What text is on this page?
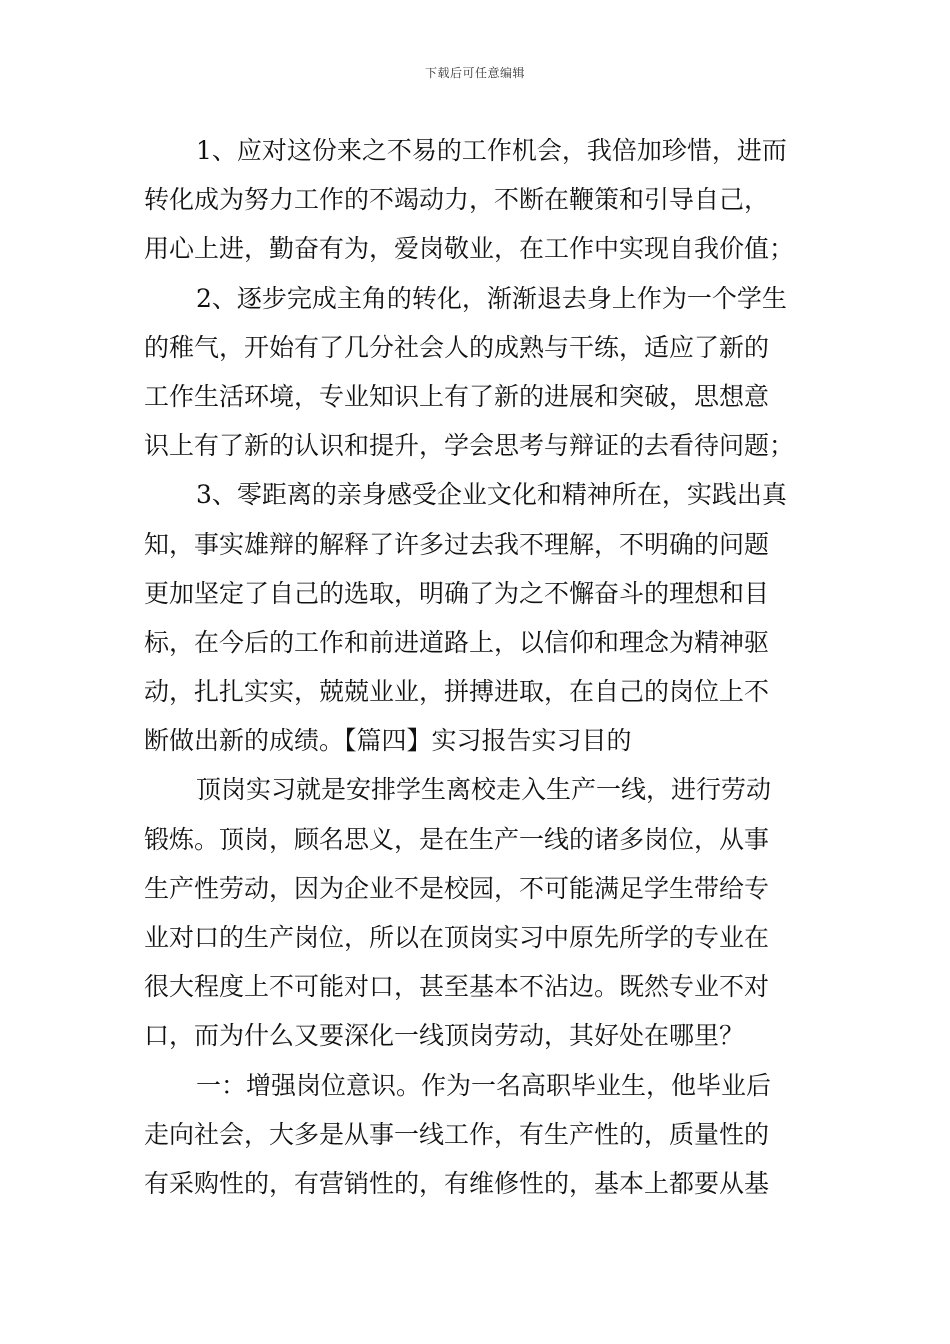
下载后可任意编辑
1、应对这份来之不易的工作机会，我倍加珍惜，进而
转化成为努力工作的不竭动力，不断在鞭策和引导自己，
用心上进，勤奋有为，爱岗敬业，在工作中实现自我价值；
2、逐步完成主角的转化，渐渐退去身上作为一个学生
的稚气，开始有了几分社会人的成熟与干练，适应了新的
工作生活环境，专业知识上有了新的进展和突破，思想意
识上有了新的认识和提升，学会思考与辩证的去看待问题；
3、零距离的亲身感受企业文化和精神所在，实践出真
知，事实雄辩的解释了许多过去我不理解，不明确的问题
更加坚定了自己的选取，明确了为之不懈奋斗的理想和目
标，在今后的工作和前进道路上，以信仰和理念为精神驱
动，扎扎实实，兢兢业业，拼搏进取，在自己的岗位上不
断做出新的成绩。【篇四】实习报告实习目的
顶岗实习就是安排学生离校走入生产一线，进行劳动
锻炼。顶岗，顾名思义，是在生产一线的诸多岗位，从事
生产性劳动，因为企业不是校园，不可能满足学生带给专
业对口的生产岗位，所以在顶岗实习中原先所学的专业在
很大程度上不可能对口，甚至基本不沾边。既然专业不对
口，而为什么又要深化一线顶岗劳动，其好处在哪里？
一：增强岗位意识。作为一名高职毕业生，他毕业后
走向社会，大多是从事一线工作，有生产性的，质量性的
有采购性的，有营销性的，有维修性的，基本上都要从基
